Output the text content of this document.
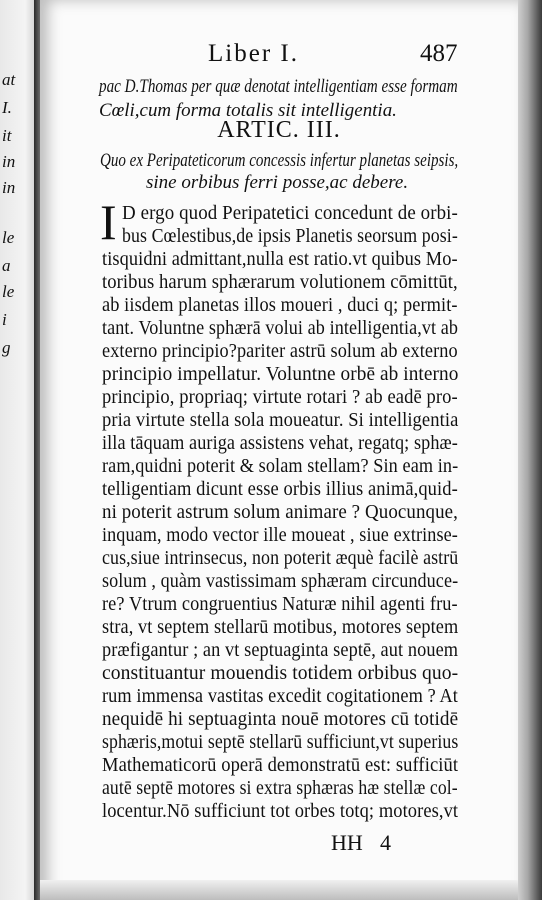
at
I.
it
in
in
le
a
le
i
g
Liber I.	487
pac D.Thomas per quæ denotat intelligentiam esse formam
Cœli,cum forma totalis sit intelligentia.
ARTIC. III.
Quo ex Peripateticorum concessis infertur planetas seipsis,
sine orbibus ferri posse,ac debere.
I D ergo quod Peripatetici concedunt de orbi-
bus Cœlestibus,de ipsis Planetis seorsum posi-
tisquidni admittant,nulla est ratio.vt quibus Mo-
toribus harum sphærarum volutionem cōmittūt,
ab iisdem planetas illos moueri , duci q; permit-
tant. Voluntne sphærā volui ab intelligentia,vt ab
externo principio?pariter astrū solum ab externo
principio impellatur. Voluntne orbē ab interno
principio, propriaq; virtute rotari ? ab eadē pro-
pria virtute stella sola moueatur. Si intelligentia
illa tāquam auriga assistens vehat, regatq; sphæ-
ram,quidni poterit & solam stellam? Sin eam in-
telligentiam dicunt esse orbis illius animā,quid-
ni poterit astrum solum animare ? Quocunque,
inquam, modo vector ille moueat , siue extrinse-
cus,siue intrinsecus, non poterit æquè facilè astrū
solum , quàm vastissimam sphæram circunduce-
re? Vtrum congruentius Naturæ nihil agenti fru-
stra, vt septem stellarū motibus, motores septem
præfigantur ; an vt septuaginta septē, aut nouem
constituantur mouendis totidem orbibus quo-
rum immensa vastitas excedit cogitationem ? At
nequidē hi septuaginta nouē motores cū totidē
sphæris,motui septē stellarū sufficiunt,vt superius
Mathematicorū operā demonstratū est: sufficiūt
autē septē motores si extra sphæras hæ stellæ col-
locentur.Nō sufficiunt tot orbes totq; motores,vt
HH 4
